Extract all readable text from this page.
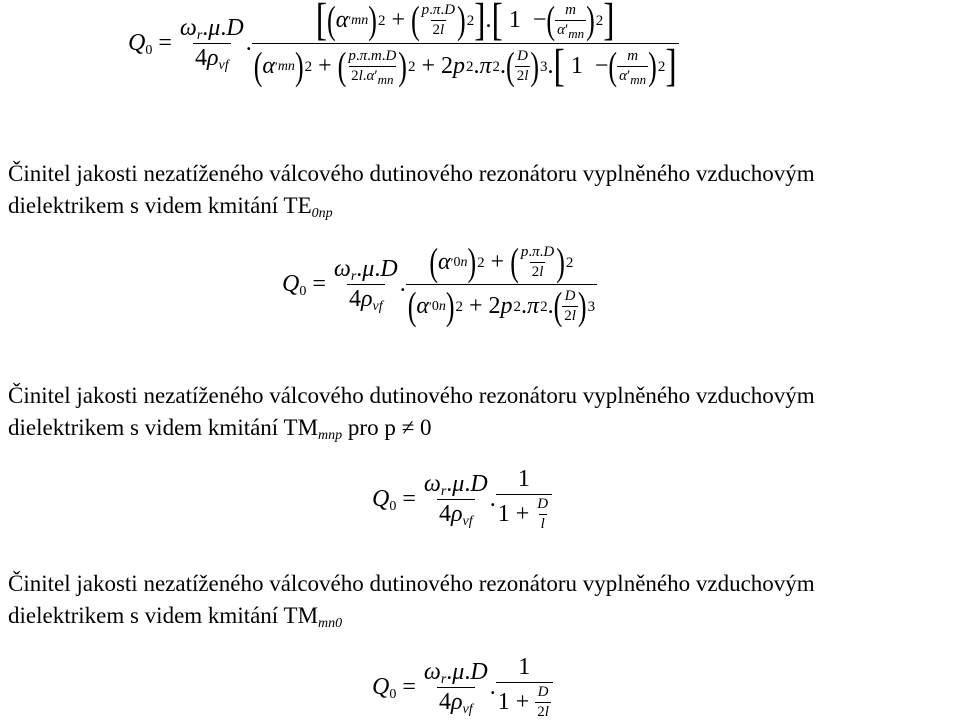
$Q_0 = \frac{\omega_r.\mu.D}{4\rho_{vf}}$ . [ ( α ′ mn ) 2 + ( $\frac{p.\pi.D}{2l}$ ) 2 ] . [ 1  − ( $\frac{m}{\alpha'_{mn}}$ ) 2 ]
( α ′ mn ) 2 + ( $\frac{p.\pi.m.D}{2l.\alpha'_{mn}}$ ) 2 + 2 p 2 . π 2 . ( $\frac{D}{2l}$ ) 3 . [ 1  − ( $\frac{m}{\alpha'_{mn}}$ ) 2 ]
Činitel jakosti nezatíženého válcového dutinového rezonátoru vyplněného vzduchovým
dielektrikem s videm kmitání $TE_{0np}$
$Q_0 = \frac{\omega_r.\mu.D}{4\rho_{vf}}$ . $\frac{( \alpha ' 0n ) 2 + ( \frac{p.\pi.D}{2l} ) 2}{( \alpha ' 0n ) 2 + 2 p 2 . \pi 2 . ( \frac{D}{2l} ) 3}$
Činitel jakosti nezatíženého válcového dutinového rezonátoru vyplněného vzduchovým
dielektrikem s videm kmitání $TM_{mnp}$ pro p ≠ 0
$Q_0 = \frac{\omega_r.\mu.D}{4\rho_{vf}}$ . $\frac{1}{1 + \frac{D}{l}}$
Činitel jakosti nezatíženého válcového dutinového rezonátoru vyplněného vzduchovým
dielektrikem s videm kmitání $TM_{mn0}$
$Q_0 = \frac{\omega_r.\mu.D}{4\rho_{vf}}$ . $\frac{1}{1 + \frac{D}{2l}}$
